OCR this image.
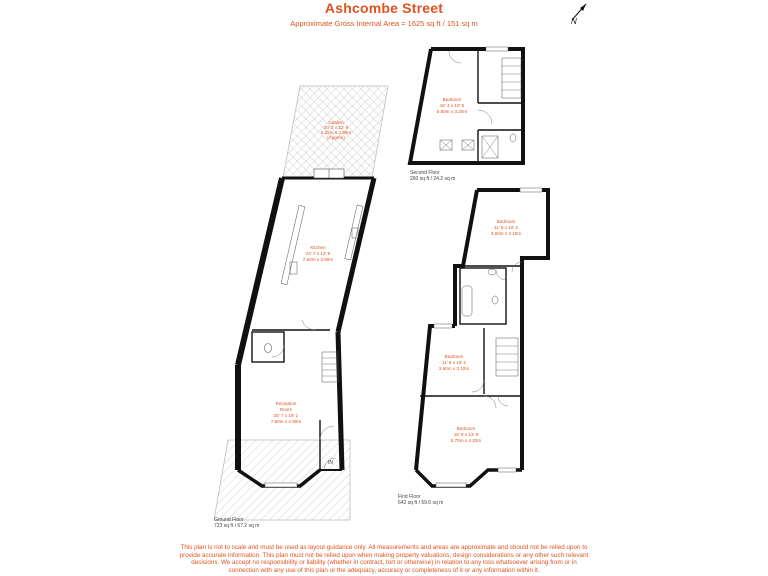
Ashcombe Street
Approximate Gross Internal Area = 1625 sq ft / 151 sq m	N
Garden
20' 2 x 12' 9
6.22m x 3.90m
(Approx)
Kitchen
24' 7 x 12' 9
7.53m x 3.90m
Reception
Room
25' 7 x 16' 1
7.80m x 4.90m
IN
Ground Floor
723 sq ft / 67.2 sq m
Bedroom
18' 4 x 10' 5
5.60m x 3.20m
Second Floor
260 sq ft / 24.2 sq m
Bedroom
11' 9 x 10' 2
3.60m x 3.10m
Bedroom
11' 9 x 10' 2
3.60m x 3.10m
Bedroom
18' 8 x 13' 9
5.70m x 4.20m
First Floor
642 sq ft / 59.6 sq m
This plan is not to scale and must be used as layout guidance only. All measurements and areas are approximate and should not be relied upon to
provide accurate information. This plan must not be relied upon when making property valuations, design considerations or any other such relevant
decisions. We accept no responsibility or liability (whether in contract, tort or otherwise) in relation to any loss whatsoever arising from or in
connection with any use of this plan or the adequacy, accuracy or completeness of it or any information within it.
